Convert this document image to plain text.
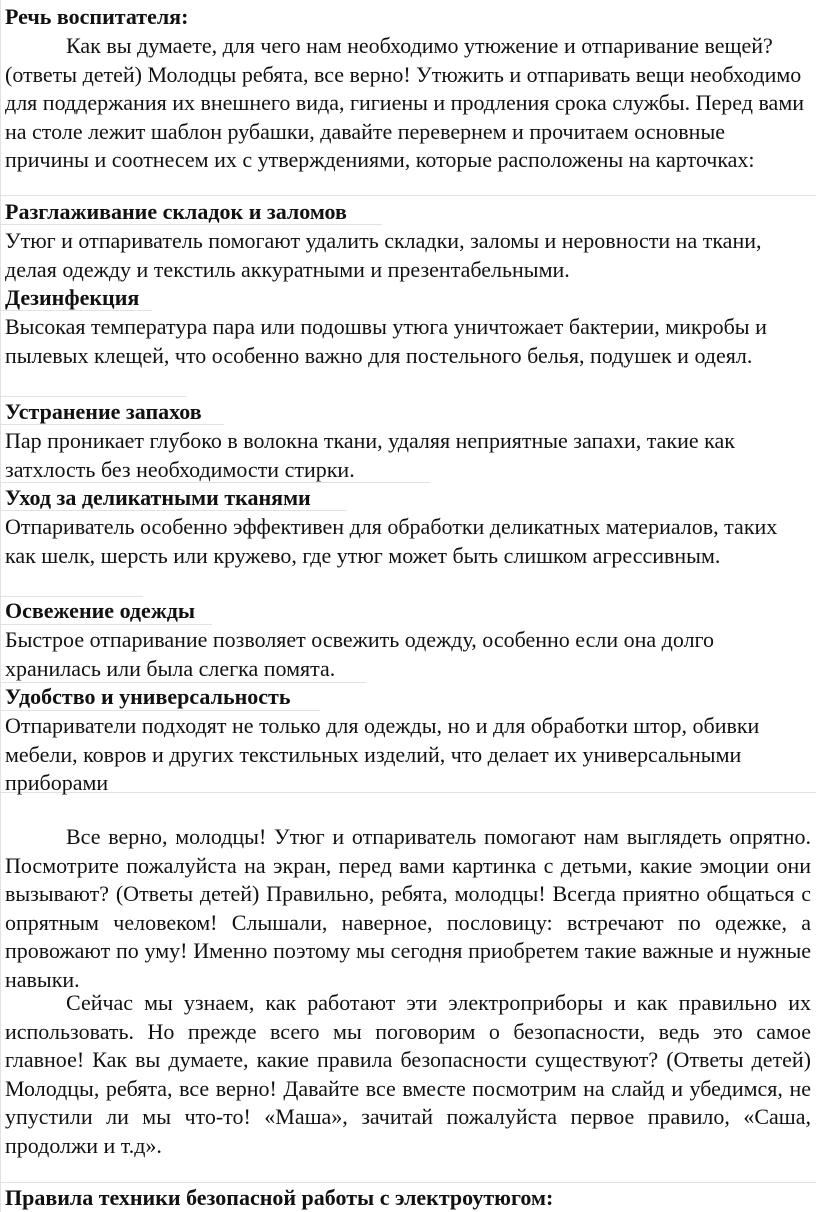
Речь воспитателя:

Как вы думаете, для чего нам необходимо утюжение и отпаривание вещей? (ответы детей) Молодцы ребята, все верно! Утюжить и отпаривать вещи необходимо для поддержания их внешнего вида, гигиены и продления срока службы. Перед вами на столе лежит шаблон рубашки, давайте перевернем и прочитаем основные причины и соотнесем их с утверждениями, которые расположены на карточках:

Разглаживание складок и заломов

Утюг и отпариватель помогают удалить складки, заломы и неровности на ткани, делая одежду и текстиль аккуратными и презентабельными.

Дезинфекция

Высокая температура пара или подошвы утюга уничтожает бактерии, микробы и пылевых клещей, что особенно важно для постельного белья, подушек и одеял.

Устранение запахов

Пар проникает глубоко в волокна ткани, удаляя неприятные запахи, такие как затхлость без необходимости стирки.

Уход за деликатными тканями

Отпариватель особенно эффективен для обработки деликатных материалов, таких как шелк, шерсть или кружево, где утюг может быть слишком агрессивным.

Освежение одежды

Быстрое отпаривание позволяет освежить одежду, особенно если она долго хранилась или была слегка помята.

Удобство и универсальность

Отпариватели подходят не только для одежды, но и для обработки штор, обивки мебели, ковров и других текстильных изделий, что делает их универсальными приборами

Все верно, молодцы! Утюг и отпариватель помогают нам выглядеть опрятно. Посмотрите пожалуйста на экран, перед вами картинка с детьми, какие эмоции они вызывают? (Ответы детей) Правильно, ребята, молодцы! Всегда приятно общаться с опрятным человеком! Слышали, наверное, пословицу: встречают по одежке, а провожают по уму! Именно поэтому мы сегодня приобретем такие важные и нужные навыки.

Сейчас мы узнаем, как работают эти электроприборы и как правильно их использовать. Но прежде всего мы поговорим о безопасности, ведь это самое главное! Как вы думаете, какие правила безопасности существуют? (Ответы детей) Молодцы, ребята, все верно! Давайте все вместе посмотрим на слайд и убедимся, не упустили ли мы что-то! «Маша», зачитай пожалуйста первое правило, «Саша, продолжи и т.д».

Правила техники безопасной работы с электроутюгом:
